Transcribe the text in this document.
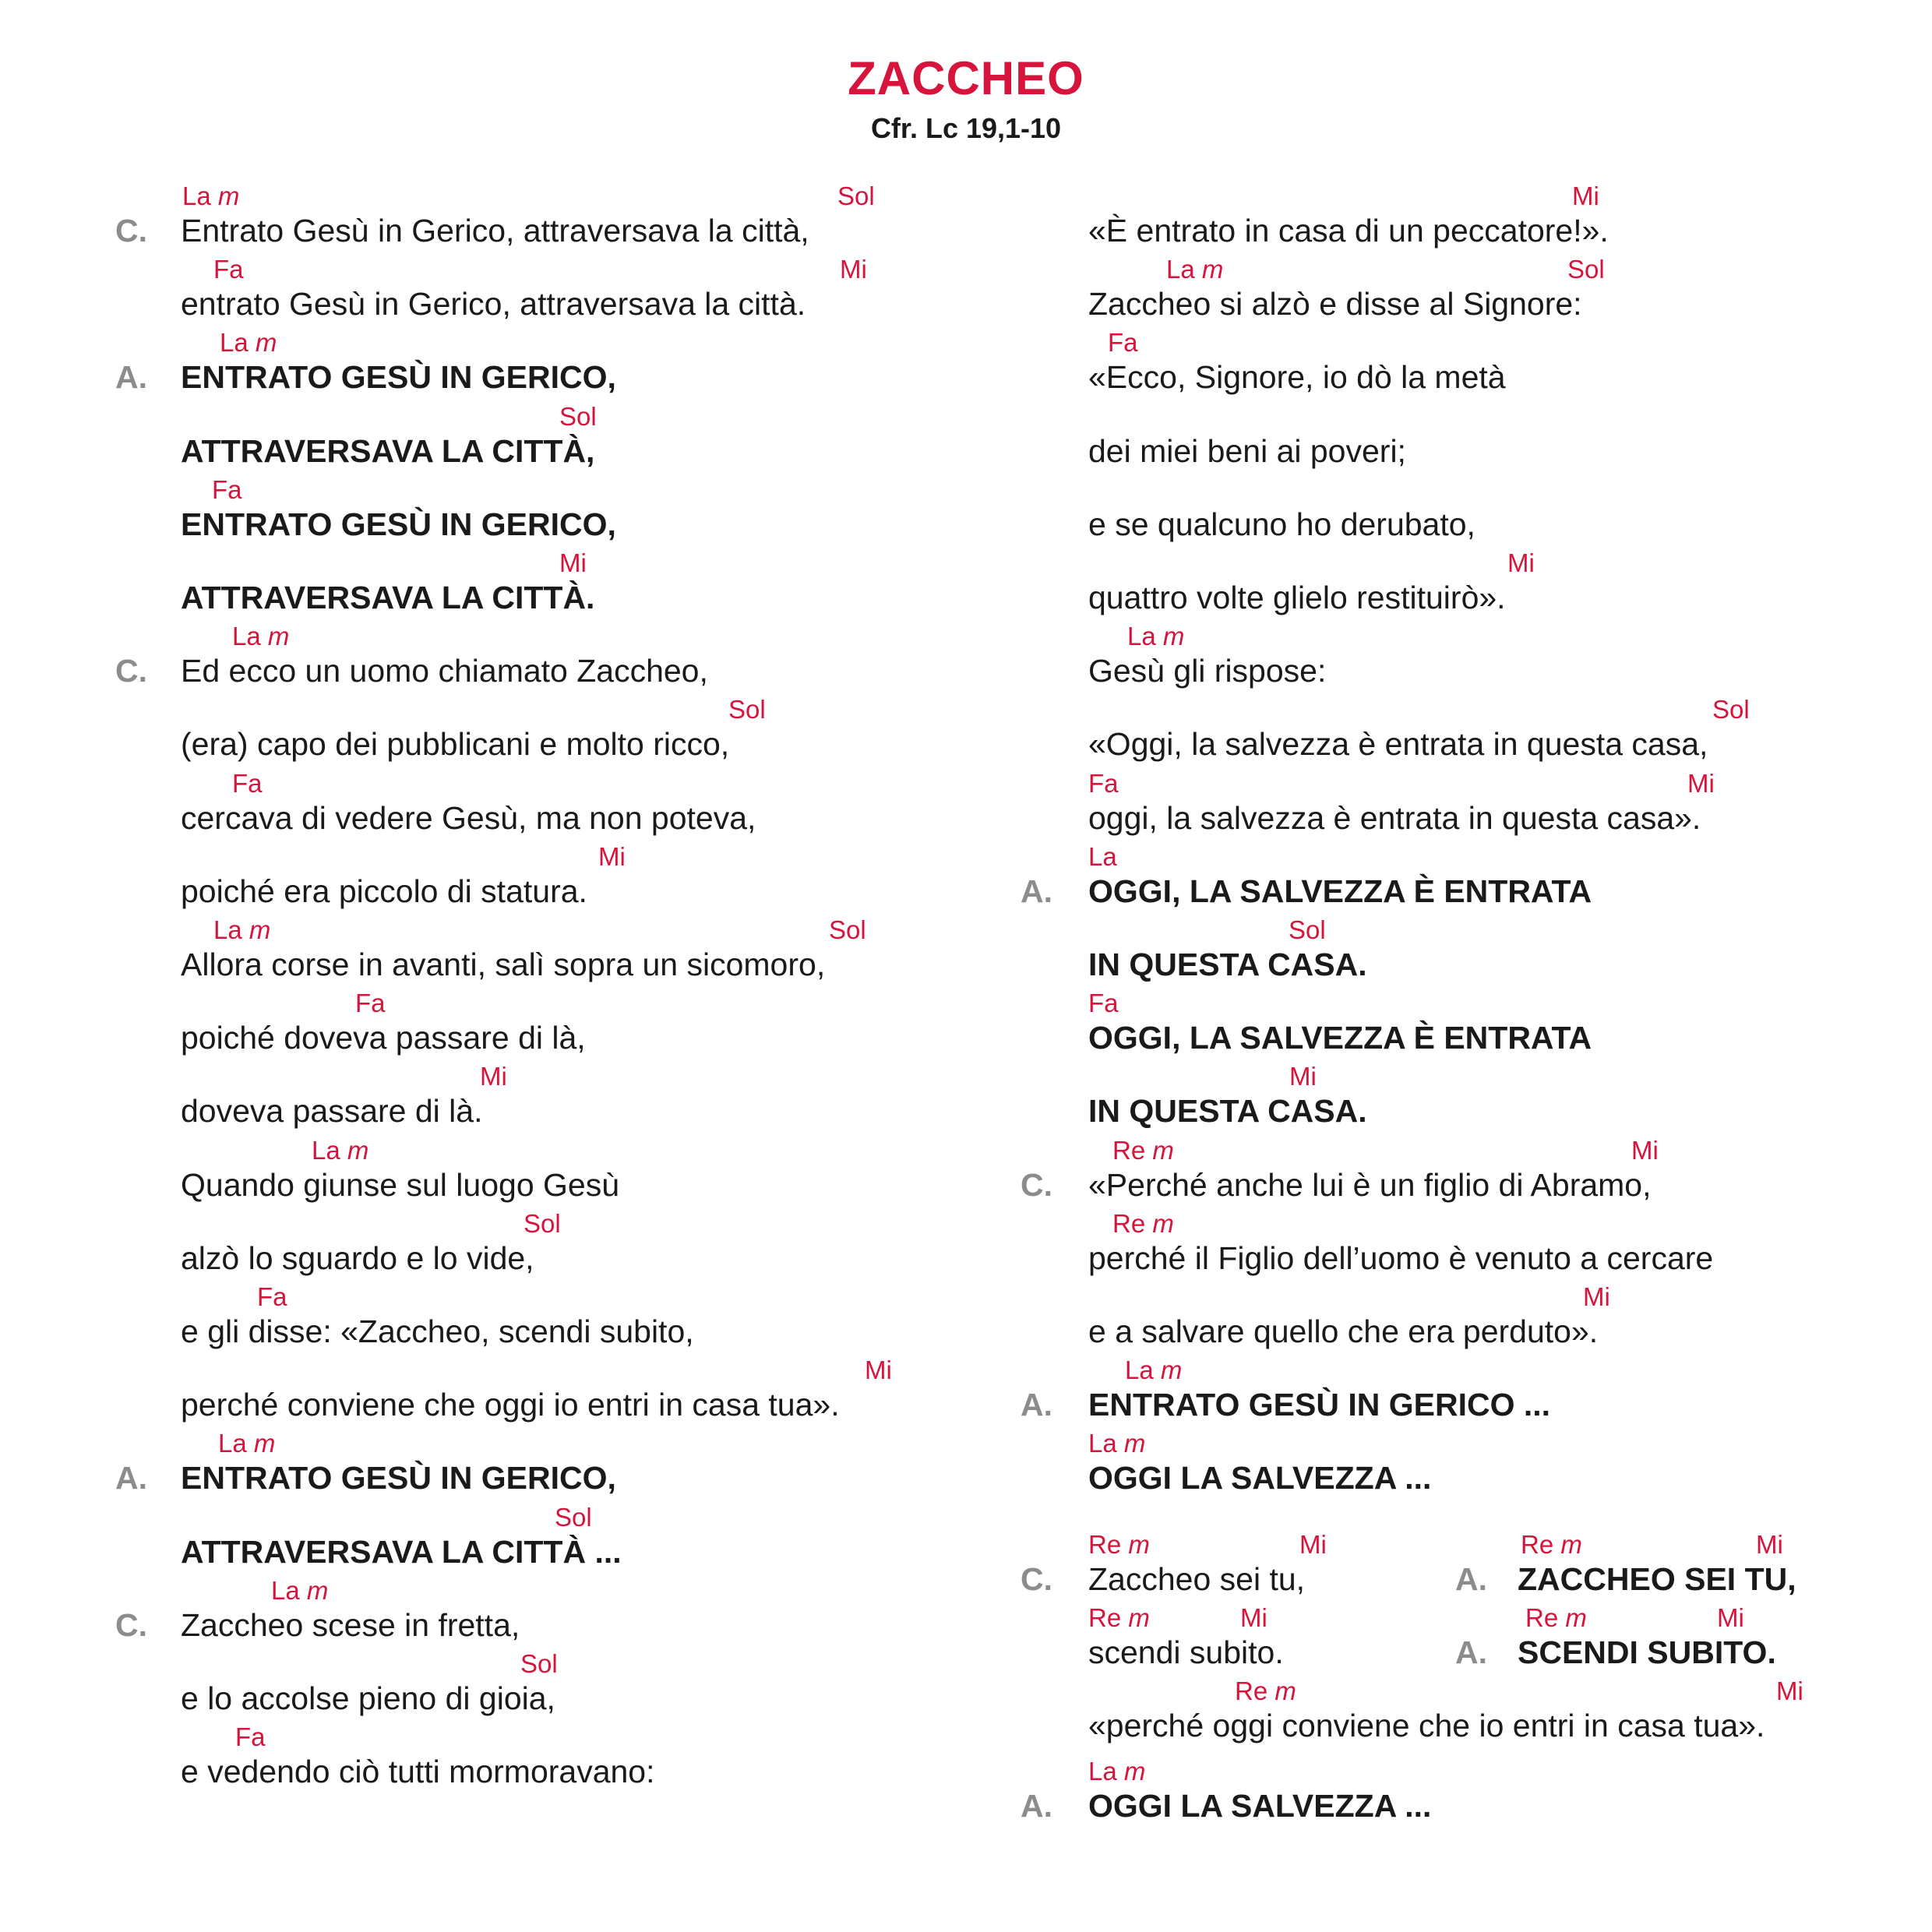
ZACCHEO
Cfr. Lc 19,1-10
C.
La m	Sol
Entrato Gesù in Gerico, attraversava la città,
Fa	Mi
entrato Gesù in Gerico, attraversava la città.
A.
La m
ENTRATO GESÙ IN GERICO,
Sol
ATTRAVERSAVA LA CITTÀ,
Fa
ENTRATO GESÙ IN GERICO,
Mi
ATTRAVERSAVA LA CITTÀ.
C.
La m
Ed ecco un uomo chiamato Zaccheo,
Sol
(era) capo dei pubblicani e molto ricco,
Fa
cercava di vedere Gesù, ma non poteva,
Mi
poiché era piccolo di statura.
La m	Sol
Allora corse in avanti, salì sopra un sicomoro,
Fa
poiché doveva passare di là,
Mi
doveva passare di là.
La m
Quando giunse sul luogo Gesù
Sol
alzò lo sguardo e lo vide,
Fa
e gli disse: «Zaccheo, scendi subito,
Mi
perché conviene che oggi io entri in casa tua».
A.
La m
ENTRATO GESÙ IN GERICO,
Sol
ATTRAVERSAVA LA CITTÀ ...
C.
La m
Zaccheo scese in fretta,
Sol
e lo accolse pieno di gioia,
Fa
e vedendo ciò tutti mormoravano:
Mi
«È entrato in casa di un peccatore!».
La m	Sol
Zaccheo si alzò e disse al Signore:
Fa
«Ecco, Signore, io dò la metà
dei miei beni ai poveri;
e se qualcuno ho derubato,
Mi
quattro volte glielo restituirò».
La m
Gesù gli rispose:
Sol
«Oggi, la salvezza è entrata in questa casa,
Fa	Mi
oggi, la salvezza è entrata in questa casa».
A.
La
OGGI, LA SALVEZZA È ENTRATA
Sol
IN QUESTA CASA.
Fa
OGGI, LA SALVEZZA È ENTRATA
Mi
IN QUESTA CASA.
C.
Re m	Mi
«Perché anche lui è un figlio di Abramo,
Re m
perché il Figlio dell’uomo è venuto a cercare
Mi
e a salvare quello che era perduto».
A.
La m
ENTRATO GESÙ IN GERICO ...
La m
OGGI LA SALVEZZA ...
C.
Re m	Mi
Zaccheo sei tu,	A.
Re m	Mi
ZACCHEO SEI TU,
Re m	Mi
scendi subito.	A.
Re m	Mi
SCENDI SUBITO.
Re m	Mi
«perché oggi conviene che io entri in casa tua».
A.
La m
OGGI LA SALVEZZA ...
